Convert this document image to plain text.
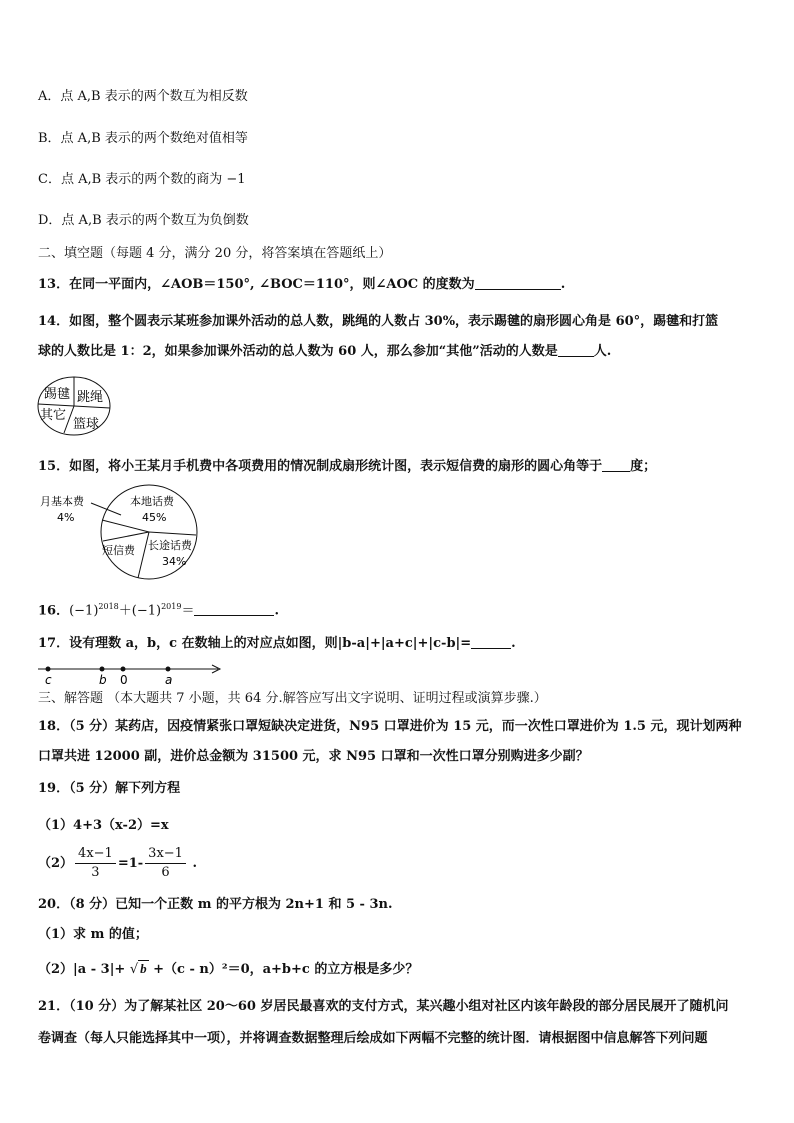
A．点 A,B 表示的两个数互为相反数
B．点 A,B 表示的两个数绝对值相等
C．点 A,B 表示的两个数的商为 −1
D．点 A,B 表示的两个数互为负倒数
二、填空题（每题 4 分，满分 20 分，将答案填在答题纸上）
13．在同一平面内，∠AOB＝150°, ∠BOC＝110°，则∠AOC 的度数为	.
14．如图，整个圆表示某班参加课外活动的总人数，跳绳的人数占 30%，表示踢毽的扇形圆心角是 60°，踢毽和打篮
球的人数比是 1：2，如果参加课外活动的总人数为 60 人，那么参加“其他”活动的人数是	人.
踢毽 跳绳
其它
篮球
15．如图，将小王某月手机费中各项费用的情况制成扇形统计图，表示短信费的扇形的圆心角等于 度；
月基本费
4%
本地话费
45%
短信费 长途话费
34%
16．$(-1)^{2018}+(-1)^{2019}=$	.
17．设有理数 a，b，c 在数轴上的对应点如图，则|b-a|+|a+c|+|c-b|=	.
c	b 0	a
三、解答题 （本大题共 7 小题，共 64 分.解答应写出文字说明、证明过程或演算步骤.）
18．（5 分）某药店，因疫情紧张口罩短缺决定进货，N95 口罩进价为 15 元，而一次性口罩进价为 1.5 元，现计划两种
口罩共进 12000 副，进价总金额为 31500 元，求 N95 口罩和一次性口罩分别购进多少副？
19．（5 分）解下列方程
（1）4+3（x-2）=x
$(2) \frac{4x-1}{3} =1- \frac{3x-1}{6}$ .
20．（8 分）已知一个正数 m 的平方根为 2n+1 和 5 - 3n.
（1）求 m 的值；
（2）|a - 3|+ √ b +（c - n）²＝0，a+b+c 的立方根是多少？
21．（10 分）为了解某社区 20～60 岁居民最喜欢的支付方式，某兴趣小组对社区内该年龄段的部分居民展开了随机问
卷调查（每人只能选择其中一项），并将调查数据整理后绘成如下两幅不完整的统计图．请根据图中信息解答下列问题
